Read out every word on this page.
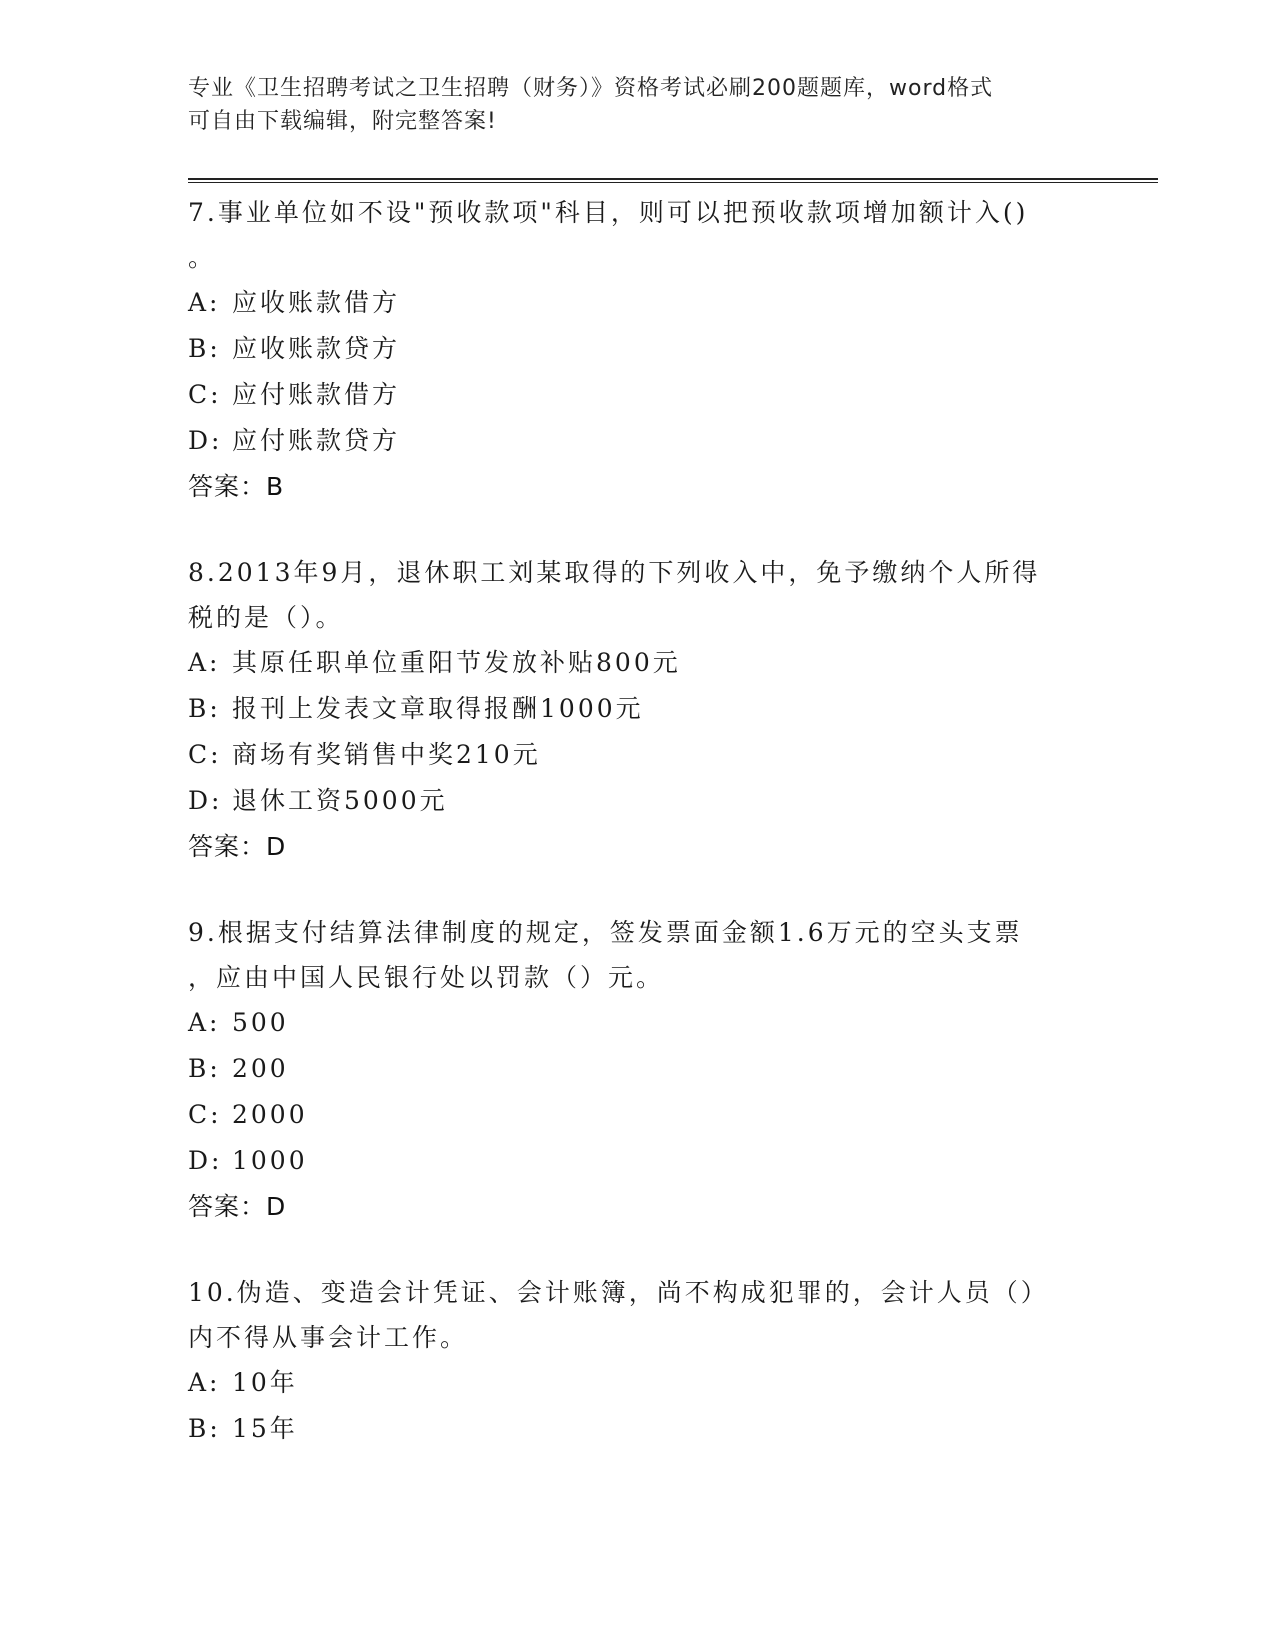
专业《卫生招聘考试之卫生招聘（财务）》资格考试必刷200题题库，word格式
可自由下载编辑，附完整答案!

7.事业单位如不设"预收款项"科目，则可以把预收款项增加额计入()
。

A: 应收账款借方
B: 应收账款贷方
C: 应付账款借方
D: 应付账款贷方
答案：B

8.2013年9月，退休职工刘某取得的下列收入中，免予缴纳个人所得
税的是（）。

A: 其原任职单位重阳节发放补贴800元
B: 报刊上发表文章取得报酬1000元
C: 商场有奖销售中奖210元
D: 退休工资5000元
答案：D

9.根据支付结算法律制度的规定，签发票面金额1.6万元的空头支票
，应由中国人民银行处以罚款（）元。

A: 500
B: 200
C: 2000
D: 1000
答案：D

10.伪造、变造会计凭证、会计账簿，尚不构成犯罪的，会计人员（）
内不得从事会计工作。

A: 10年
B: 15年
